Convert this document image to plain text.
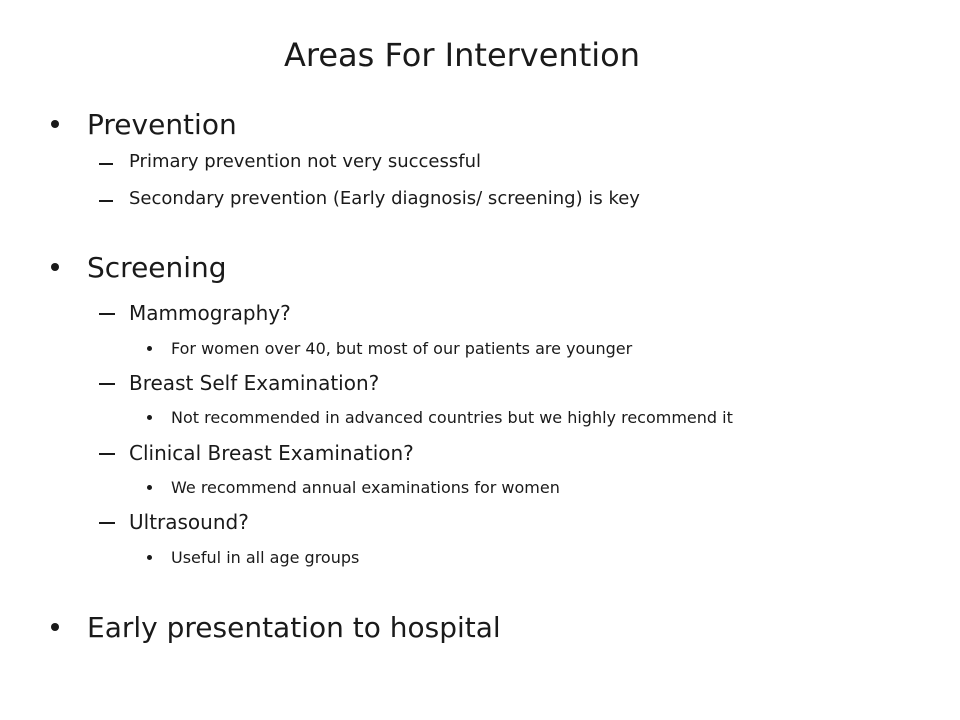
Areas For Intervention
Prevention
Primary prevention not very successful
Secondary prevention (Early diagnosis/ screening) is key
Screening
Mammography?
For women over 40, but most of our patients are younger
Breast Self Examination?
Not recommended in advanced countries but we highly recommend it
Clinical Breast Examination?
We recommend annual examinations for women
Ultrasound?
Useful in all age groups
Early presentation to hospital
